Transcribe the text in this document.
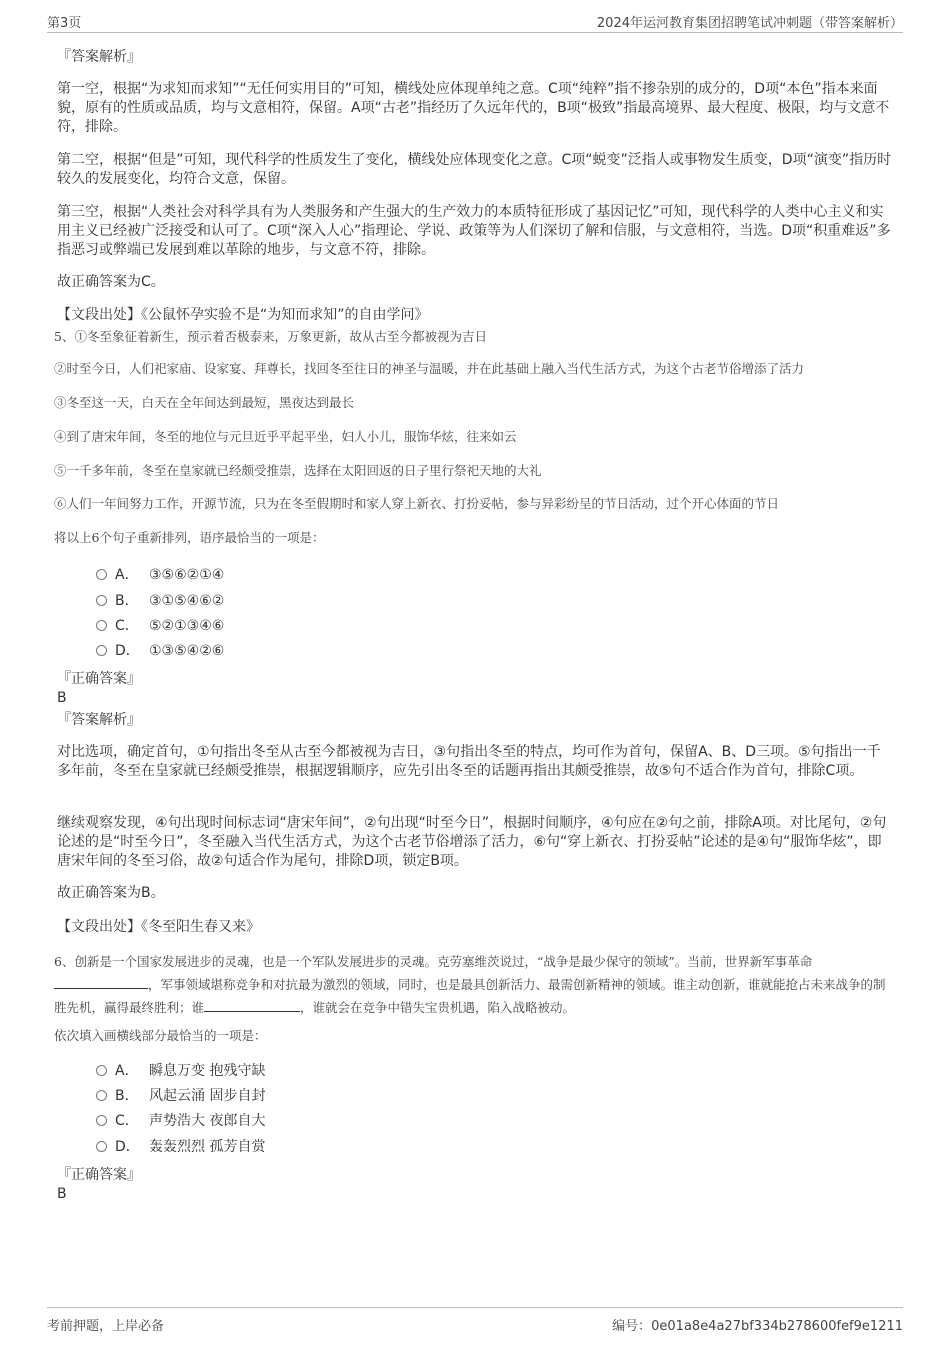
第3页	2024年运河教育集团招聘笔试冲刺题（带答案解析）
『答案解析』

第一空，根据“为求知而求知”“无任何实用目的”可知，横线处应体现单纯之意。C项“纯粹”指不掺杂别的成分的，D项“本色”指本来面貌，原有的性质或品质，均与文意相符，保留。A项“古老”指经历了久远年代的，B项“极致”指最高境界、最大程度、极限，均与文意不符，排除。

第二空，根据“但是”可知，现代科学的性质发生了变化，横线处应体现变化之意。C项“蜕变”泛指人或事物发生质变，D项“演变”指历时较久的发展变化，均符合文意，保留。

第三空，根据“人类社会对科学具有为人类服务和产生强大的生产效力的本质特征形成了基因记忆”可知，现代科学的人类中心主义和实用主义已经被广泛接受和认可了。C项“深入人心”指理论、学说、政策等为人们深切了解和信服，与文意相符，当选。D项“积重难返”多指恶习或弊端已发展到难以革除的地步，与文意不符，排除。

故正确答案为C。

【文段出处】《公鼠怀孕实验不是“为知而求知”的自由学问》

5、①冬至象征着新生，预示着否极泰来，万象更新，故从古至今都被视为吉日

②时至今日，人们祀家庙、设家宴、拜尊长，找回冬至往日的神圣与温暖，并在此基础上融入当代生活方式，为这个古老节俗增添了活力

③冬至这一天，白天在全年间达到最短，黑夜达到最长

④到了唐宋年间，冬至的地位与元旦近乎平起平坐，妇人小儿，服饰华炫，往来如云

⑤一千多年前，冬至在皇家就已经颇受推崇，选择在太阳回返的日子里行祭祀天地的大礼

⑥人们一年间努力工作，开源节流，只为在冬至假期时和家人穿上新衣、打扮妥帖，参与异彩纷呈的节日活动，过个开心体面的节日

将以上6个句子重新排列，语序最恰当的一项是：

A． ③⑤⑥②①④
B． ③①⑤④⑥②
C． ⑤②①③④⑥
D． ①③⑤④②⑥
『正确答案』
B
『答案解析』

对比选项，确定首句，①句指出冬至从古至今都被视为吉日，③句指出冬至的特点，均可作为首句，保留A、B、D三项。⑤句指出一千多年前，冬至在皇家就已经颇受推崇，根据逻辑顺序，应先引出冬至的话题再指出其颇受推崇，故⑤句不适合作为首句，排除C项。

继续观察发现，④句出现时间标志词“唐宋年间”，②句出现“时至今日”，根据时间顺序，④句应在②句之前，排除A项。对比尾句，②句论述的是“时至今日”，冬至融入当代生活方式，为这个古老节俗增添了活力，⑥句“穿上新衣、打扮妥帖”论述的是④句“服饰华炫”，即唐宋年间的冬至习俗，故②句适合作为尾句，排除D项，锁定B项。

故正确答案为B。

【文段出处】《冬至阳生春又来》

6、创新是一个国家发展进步的灵魂，也是一个军队发展进步的灵魂。克劳塞维茨说过，“战争是最少保守的领域”。当前，世界新军事革命
，军事领域堪称竞争和对抗最为激烈的领域，同时，也是最具创新活力、最需创新精神的领域。谁主动创新，谁就能抢占未来战争的制胜先机，赢得最终胜利；谁	，谁就会在竞争中错失宝贵机遇，陷入战略被动。

依次填入画横线部分最恰当的一项是：

A． 瞬息万变 抱残守缺
B． 风起云涌 固步自封
C． 声势浩大 夜郎自大
D． 轰轰烈烈 孤芳自赏
『正确答案』
B
考前押题，上岸必备	编号：0e01a8e4a27bf334b278600fef9e1211
